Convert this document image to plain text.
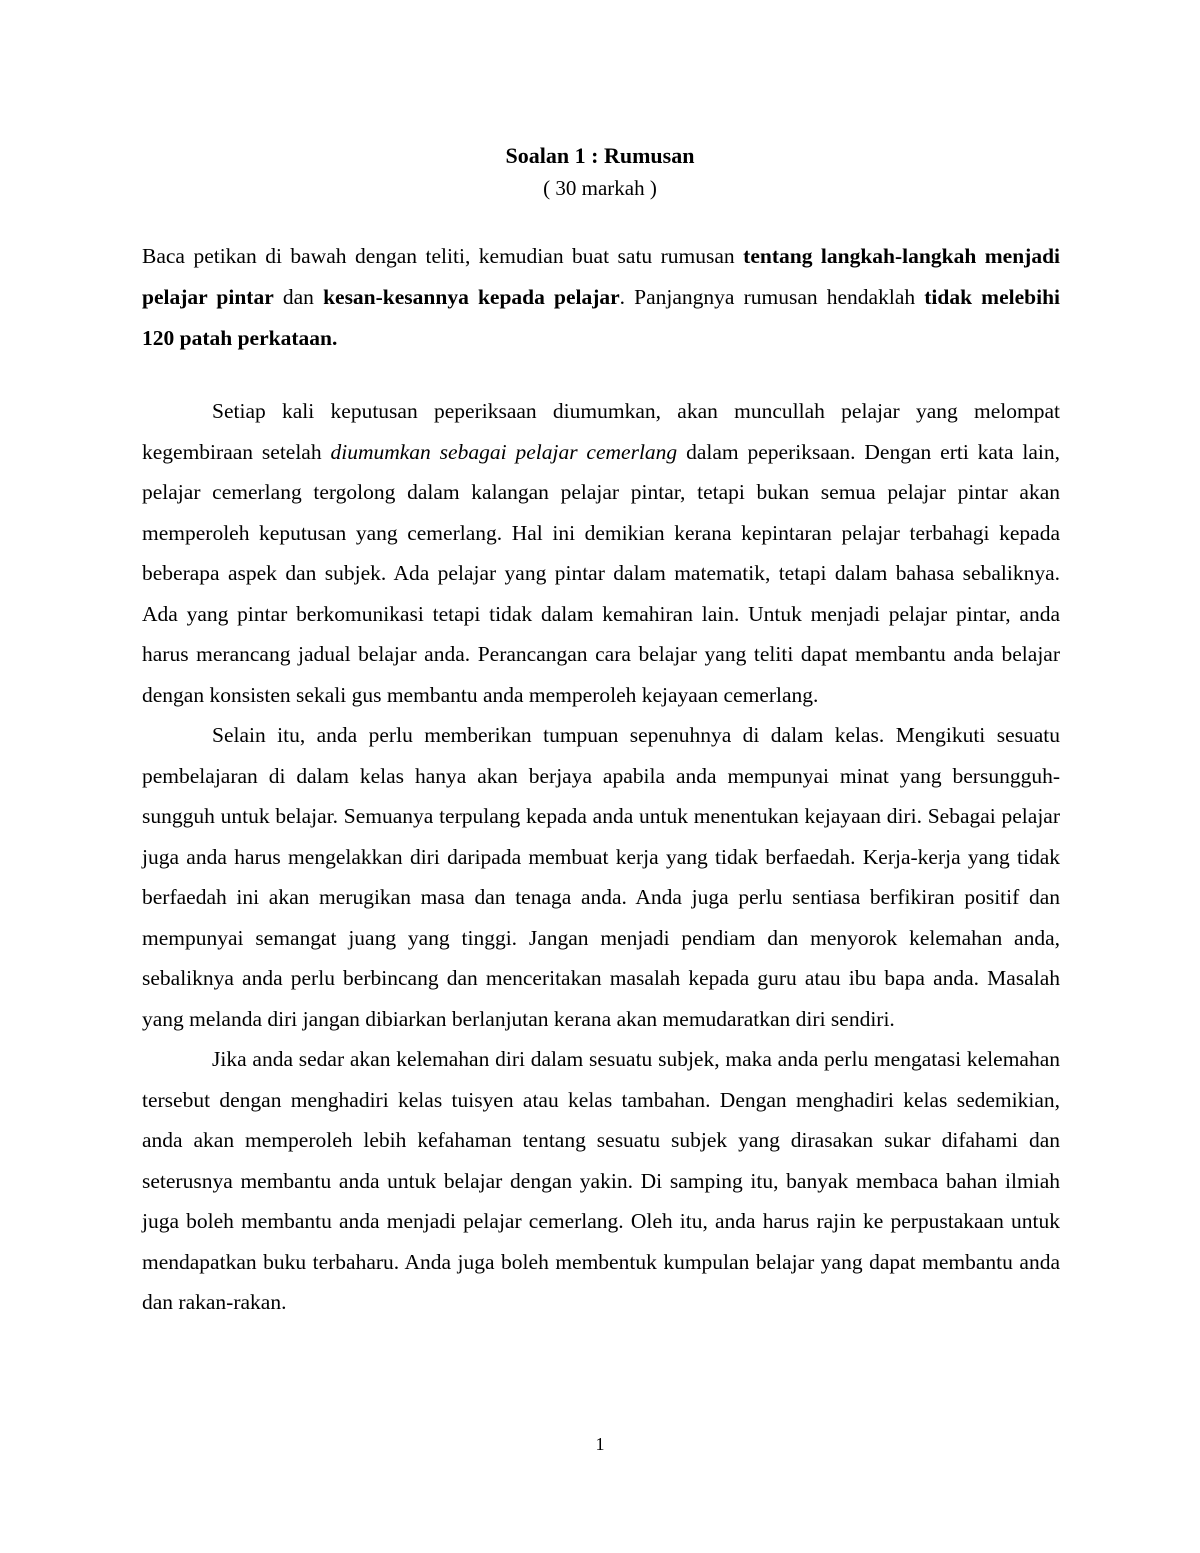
Soalan 1 : Rumusan
( 30 markah )

Baca petikan di bawah dengan teliti, kemudian buat satu rumusan tentang langkah-langkah menjadi pelajar pintar dan kesan-kesannya kepada pelajar. Panjangnya rumusan hendaklah tidak melebihi 120 patah perkataan.

Setiap kali keputusan peperiksaan diumumkan, akan muncullah pelajar yang melompat kegembiraan setelah diumumkan sebagai pelajar cemerlang dalam peperiksaan. Dengan erti kata lain, pelajar cemerlang tergolong dalam kalangan pelajar pintar, tetapi bukan semua pelajar pintar akan memperoleh keputusan yang cemerlang. Hal ini demikian kerana kepintaran pelajar terbahagi kepada beberapa aspek dan subjek. Ada pelajar yang pintar dalam matematik, tetapi dalam bahasa sebaliknya. Ada yang pintar berkomunikasi tetapi tidak dalam kemahiran lain. Untuk menjadi pelajar pintar, anda harus merancang jadual belajar anda. Perancangan cara belajar yang teliti dapat membantu anda belajar dengan konsisten sekali gus membantu anda memperoleh kejayaan cemerlang.

Selain itu, anda perlu memberikan tumpuan sepenuhnya di dalam kelas. Mengikuti sesuatu pembelajaran di dalam kelas hanya akan berjaya apabila anda mempunyai minat yang bersungguh-sungguh untuk belajar. Semuanya terpulang kepada anda untuk menentukan kejayaan diri. Sebagai pelajar juga anda harus mengelakkan diri daripada membuat kerja yang tidak berfaedah. Kerja-kerja yang tidak berfaedah ini akan merugikan masa dan tenaga anda. Anda juga perlu sentiasa berfikiran positif dan mempunyai semangat juang yang tinggi. Jangan menjadi pendiam dan menyorok kelemahan anda, sebaliknya anda perlu berbincang dan menceritakan masalah kepada guru atau ibu bapa anda. Masalah yang melanda diri jangan dibiarkan berlanjutan kerana akan memudaratkan diri sendiri.

Jika anda sedar akan kelemahan diri dalam sesuatu subjek, maka anda perlu mengatasi kelemahan tersebut dengan menghadiri kelas tuisyen atau kelas tambahan. Dengan menghadiri kelas sedemikian, anda akan memperoleh lebih kefahaman tentang sesuatu subjek yang dirasakan sukar difahami dan seterusnya membantu anda untuk belajar dengan yakin. Di samping itu, banyak membaca bahan ilmiah juga boleh membantu anda menjadi pelajar cemerlang. Oleh itu, anda harus rajin ke perpustakaan untuk mendapatkan buku terbaharu. Anda juga boleh membentuk kumpulan belajar yang dapat membantu anda dan rakan-rakan.

1
